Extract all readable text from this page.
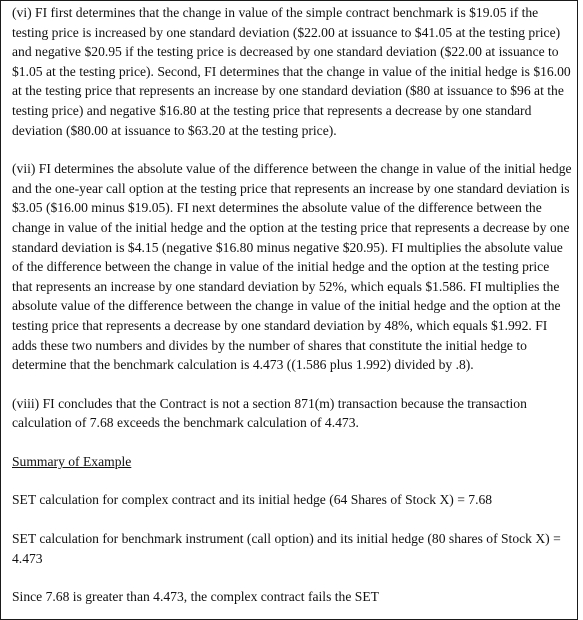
(vi) FI first determines that the change in value of the simple contract benchmark is $19.05 if the testing price is increased by one standard deviation ($22.00 at issuance to $41.05 at the testing price) and negative $20.95 if the testing price is decreased by one standard deviation ($22.00 at issuance to $1.05 at the testing price). Second, FI determines that the change in value of the initial hedge is $16.00 at the testing price that represents an increase by one standard deviation ($80 at issuance to $96 at the testing price) and negative $16.80 at the testing price that represents a decrease by one standard deviation ($80.00 at issuance to $63.20 at the testing price).

(vii) FI determines the absolute value of the difference between the change in value of the initial hedge and the one-year call option at the testing price that represents an increase by one standard deviation is $3.05 ($16.00 minus $19.05). FI next determines the absolute value of the difference between the change in value of the initial hedge and the option at the testing price that represents a decrease by one standard deviation is $4.15 (negative $16.80 minus negative $20.95). FI multiplies the absolute value of the difference between the change in value of the initial hedge and the option at the testing price that represents an increase by one standard deviation by 52%, which equals $1.586. FI multiplies the absolute value of the difference between the change in value of the initial hedge and the option at the testing price that represents a decrease by one standard deviation by 48%, which equals $1.992. FI adds these two numbers and divides by the number of shares that constitute the initial hedge to determine that the benchmark calculation is 4.473 ((1.586 plus 1.992) divided by .8).

(viii) FI concludes that the Contract is not a section 871(m) transaction because the transaction calculation of 7.68 exceeds the benchmark calculation of 4.473.

Summary of Example

SET calculation for complex contract and its initial hedge (64 Shares of Stock X) = 7.68

SET calculation for benchmark instrument (call option) and its initial hedge (80 shares of Stock X) = 4.473

Since 7.68 is greater than 4.473, the complex contract fails the SET
